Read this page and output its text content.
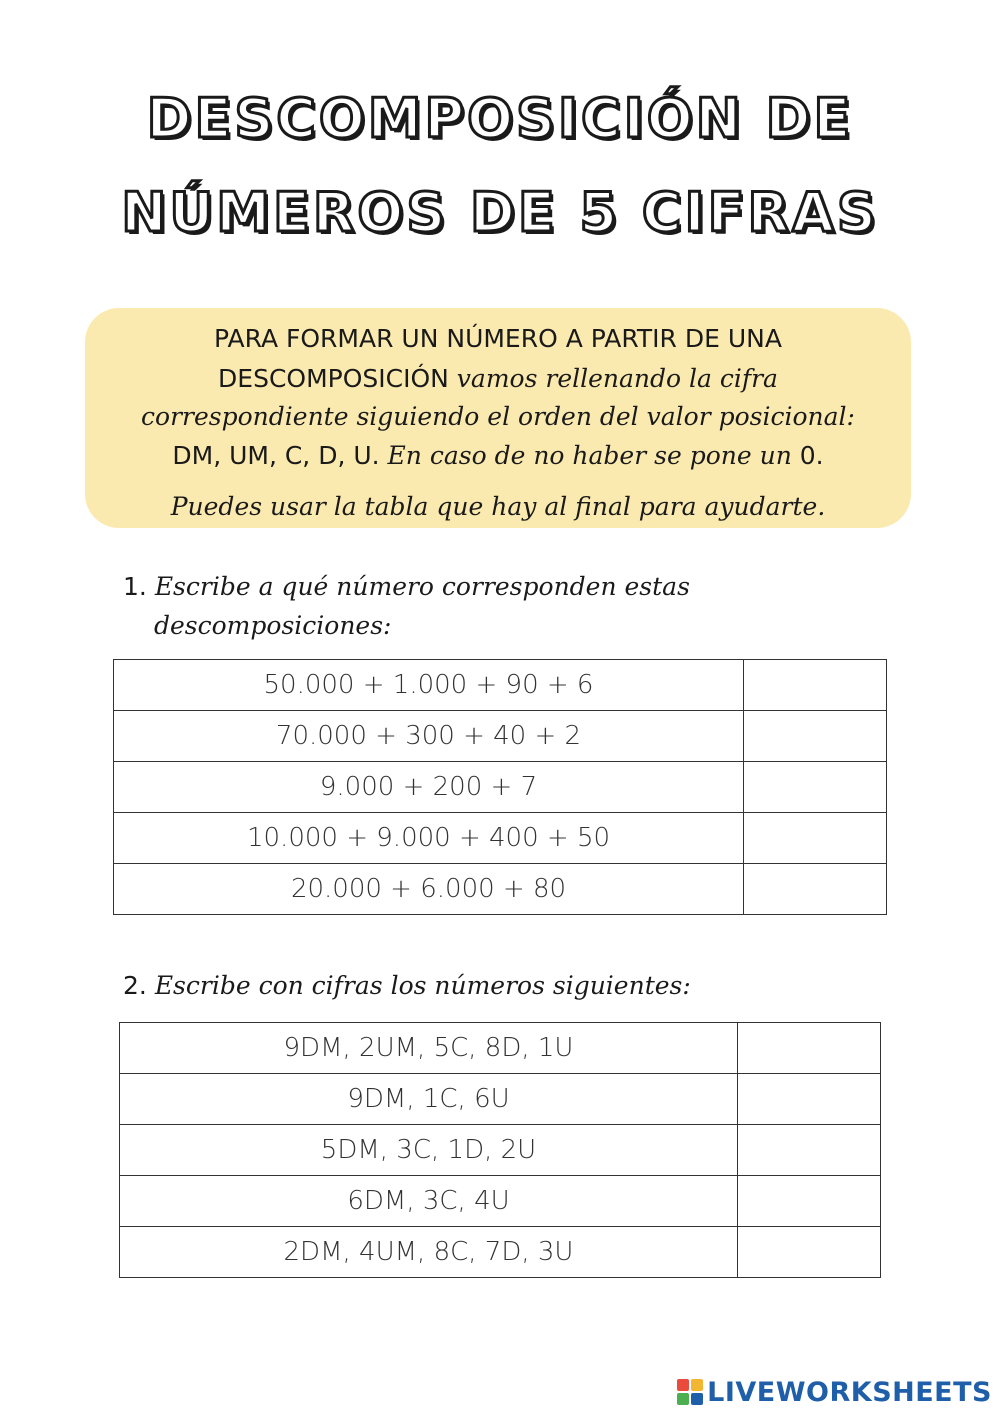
DESCOMPOSICIÓN DE
NÚMEROS DE 5 CIFRAS
PARA FORMAR UN NÚMERO A PARTIR DE UNA
DESCOMPOSICIÓN vamos rellenando la cifra
correspondiente siguiendo el orden del valor posicional:
DM, UM, C, D, U. En caso de no haber se pone un 0.
Puedes usar la tabla que hay al final para ayudarte.
1. Escribe a qué número corresponden estas
descomposiciones:
50.000 + 1.000 + 90 + 6	
70.000 + 300 + 40 + 2	
9.000 + 200 + 7	
10.000 + 9.000 + 400 + 50	
20.000 + 6.000 + 80	
2. Escribe con cifras los números siguientes:
9DM, 2UM, 5C, 8D, 1U	
9DM, 1C, 6U	
5DM, 3C, 1D, 2U	
6DM, 3C, 4U	
2DM, 4UM, 8C, 7D, 3U	
LIVEWORKSHEETS
